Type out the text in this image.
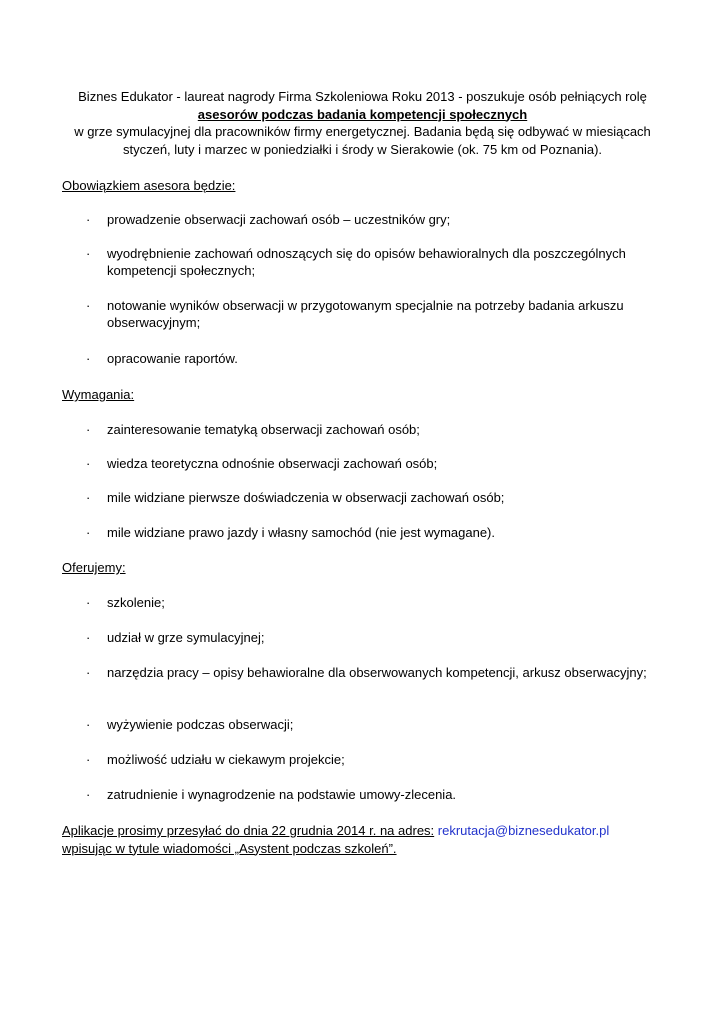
Biznes Edukator - laureat nagrody Firma Szkoleniowa Roku 2013 - poszukuje osób pełniących rolę
asesorów podczas badania kompetencji społecznych
w grze symulacyjnej dla pracowników firmy energetycznej. Badania będą się odbywać w miesiącach
styczeń, luty i marzec w poniedziałki i środy w Sierakowie (ok. 75 km od Poznania).
Obowiązkiem asesora będzie:
· prowadzenie obserwacji zachowań osób – uczestników gry;
· wyodrębnienie zachowań odnoszących się do opisów behawioralnych dla poszczególnych kompetencji społecznych;
· notowanie wyników obserwacji w przygotowanym specjalnie na potrzeby badania arkuszu obserwacyjnym;
· opracowanie raportów.
Wymagania:
· zainteresowanie tematyką obserwacji zachowań osób;
· wiedza teoretyczna odnośnie obserwacji zachowań osób;
· mile widziane pierwsze doświadczenia w obserwacji zachowań osób;
· mile widziane prawo jazdy i własny samochód (nie jest wymagane).
Oferujemy:
· szkolenie;
· udział w grze symulacyjnej;
· narzędzia pracy – opisy behawioralne dla obserwowanych kompetencji, arkusz obserwacyjny;
· wyżywienie podczas obserwacji;
· możliwość udziału w ciekawym projekcie;
· zatrudnienie i wynagrodzenie na podstawie umowy-zlecenia.
Aplikacje prosimy przesyłać do dnia 22 grudnia 2014 r. na adres: rekrutacja@biznesedukator.pl
wpisując w tytule wiadomości „Asystent podczas szkoleń”.
